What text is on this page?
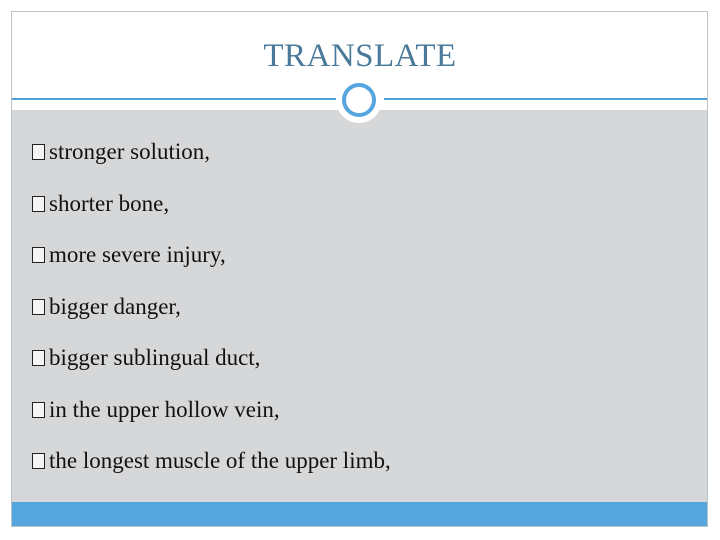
TRANSLATE
stronger solution,
shorter bone,
more severe injury,
bigger danger,
bigger sublingual duct,
in the upper hollow vein,
the longest muscle of the upper limb,
